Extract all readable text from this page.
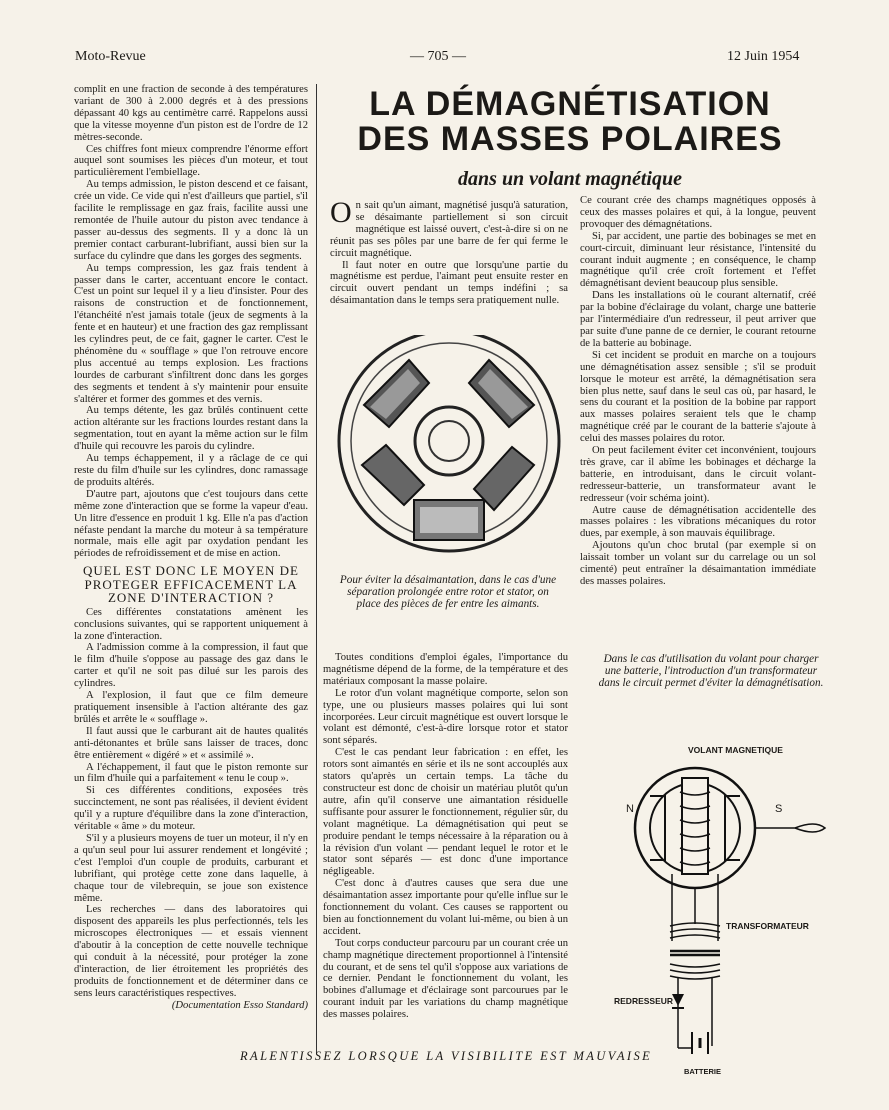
Moto-Revue	— 705 —	12 Juin 1954

complit en une fraction de seconde à des températures variant de 300 à 2.000 degrés et à des pressions dépassant 40 kgs au centimètre carré. Rappelons aussi que la vitesse moyenne d'un piston est de l'ordre de 12 mètres-seconde.

Ces chiffres font mieux comprendre l'énorme effort auquel sont soumises les pièces d'un moteur, et tout particulièrement l'embiellage.

Au temps admission, le piston descend et ce faisant, crée un vide. Ce vide qui n'est d'ailleurs que partiel, s'il facilite le remplissage en gaz frais, facilite aussi une remontée de l'huile autour du piston avec tendance à passer au-dessus des segments. Il y a donc là un premier contact carburant-lubrifiant, aussi bien sur la surface du cylindre que dans les gorges des segments.

Au temps compression, les gaz frais tendent à passer dans le carter, accentuant encore le contact. C'est un point sur lequel il y a lieu d'insister. Pour des raisons de construction et de fonctionnement, l'étanchéité n'est jamais totale (jeux de segments à la fente et en hauteur) et une fraction des gaz remplissant les cylindres peut, de ce fait, gagner le carter. C'est le phénomène du « soufflage » que l'on retrouve encore plus accentué au temps explosion. Les fractions lourdes de carburant s'infiltrent donc dans les gorges des segments et tendent à s'y maintenir pour ensuite s'altérer et former des gommes et des vernis.

Au temps détente, les gaz brûlés continuent cette action altérante sur les fractions lourdes restant dans la segmentation, tout en ayant la même action sur le film d'huile qui recouvre les parois du cylindre.

Au temps échappement, il y a râclage de ce qui reste du film d'huile sur les cylindres, donc ramassage de produits altérés.

D'autre part, ajoutons que c'est toujours dans cette même zone d'interaction que se forme la vapeur d'eau. Un litre d'essence en produit 1 kg. Elle n'a pas d'action néfaste pendant la marche du moteur à sa température normale, mais elle agit par oxydation pendant les périodes de refroidissement et de mise en action.

QUEL EST DONC LE MOYEN DE PROTEGER EFFICACEMENT LA ZONE D'INTERACTION ?

Ces différentes constatations amènent les conclusions suivantes, qui se rapportent uniquement à la zone d'interaction.

A l'admission comme à la compression, il faut que le film d'huile s'oppose au passage des gaz dans le carter et qu'il ne soit pas dilué sur les parois des cylindres.

A l'explosion, il faut que ce film demeure pratiquement insensible à l'action altérante des gaz brûlés et arrête le « soufflage ».

Il faut aussi que le carburant ait de hautes qualités anti-détonantes et brûle sans laisser de traces, donc être entièrement « digéré » et « assimilé ».

A l'échappement, il faut que le piston remonte sur un film d'huile qui a parfaitement « tenu le coup ».

Si ces différentes conditions, exposées très succinctement, ne sont pas réalisées, il devient évident qu'il y a rupture d'équilibre dans la zone d'interaction, véritable « âme » du moteur.

S'il y a plusieurs moyens de tuer un moteur, il n'y en a qu'un seul pour lui assurer rendement et longévité ; c'est l'emploi d'un couple de produits, carburant et lubrifiant, qui protège cette zone dans laquelle, à chaque tour de vilebrequin, se joue son existence même.

Les recherches — dans des laboratoires qui disposent des appareils les plus perfectionnés, tels les microscopes électroniques — et essais viennent d'aboutir à la conception de cette nouvelle technique qui conduit à la nécessité, pour protéger la zone d'interaction, de lier étroitement les propriétés des produits de fonctionnement et de déterminer dans ce sens leurs caractéristiques respectives.

(Documentation Esso Standard)
LA DÉMAGNÉTISATION
DES MASSES POLAIRES
dans un volant magnétique

On sait qu'un aimant, magnétisé jusqu'à saturation, se désaimante partiellement si son circuit magnétique est laissé ouvert, c'est-à-dire si on ne réunit pas ses pôles par une barre de fer qui ferme le circuit magnétique.

Il faut noter en outre que lorsqu'une partie du magnétisme est perdue, l'aimant peut ensuite rester en circuit ouvert pendant un temps indéfini ; sa désaimantation dans le temps sera pratiquement nulle.

Pour éviter la désaimantation, dans le cas d'une séparation prolongée entre rotor et stator, on place des pièces de fer entre les aimants.

Toutes conditions d'emploi égales, l'importance du magnétisme dépend de la forme, de la température et des matériaux composant la masse polaire.

Le rotor d'un volant magnétique comporte, selon son type, une ou plusieurs masses polaires qui lui sont incorporées. Leur circuit magnétique est ouvert lorsque le volant est démonté, c'est-à-dire lorsque rotor et stator sont séparés.

C'est le cas pendant leur fabrication : en effet, les rotors sont aimantés en série et ils ne sont accouplés aux stators qu'après un certain temps. La tâche du constructeur est donc de choisir un matériau plutôt qu'un autre, afin qu'il conserve une aimantation résiduelle suffisante pour assurer le fonctionnement, régulier sûr, du volant magnétique. La démagnétisation qui peut se produire pendant le temps nécessaire à la réparation ou à la révision d'un volant — pendant lequel le rotor et le stator sont séparés — est donc d'une importance négligeable.

C'est donc à d'autres causes que sera due une désaimantation assez importante pour qu'elle influe sur le fonctionnement du volant. Ces causes se rapportent ou bien au fonctionnement du volant lui-même, ou bien à un accident.

Tout corps conducteur parcouru par un courant crée un champ magnétique directement proportionnel à l'intensité du courant, et de sens tel qu'il s'oppose aux variations de ce dernier. Pendant le fonctionnement du volant, les bobines d'allumage et d'éclairage sont parcourues par le courant induit par les variations du champ magnétique des masses polaires.

Ce courant crée des champs magnétiques opposés à ceux des masses polaires et qui, à la longue, peuvent provoquer des démagnétations.

Si, par accident, une partie des bobinages se met en court-circuit, diminuant leur résistance, l'intensité du courant induit augmente ; en conséquence, le champ magnétique qu'il crée croît fortement et l'effet démagnétisant devient beaucoup plus sensible.

Dans les installations où le courant alternatif, créé par la bobine d'éclairage du volant, charge une batterie par l'intermédiaire d'un redresseur, il peut arriver que par suite d'une panne de ce dernier, le courant retourne de la batterie au bobinage.

Si cet incident se produit en marche on a toujours une démagnétisation assez sensible ; s'il se produit lorsque le moteur est arrêté, la démagnétisation sera bien plus nette, sauf dans le seul cas où, par hasard, le sens du courant et la position de la bobine par rapport aux masses polaires seraient tels que le champ magnétique créé par le courant de la batterie s'ajoute à celui des masses polaires du rotor.

On peut facilement éviter cet inconvénient, toujours très grave, car il abîme les bobinages et décharge la batterie, en introduisant, dans le circuit volant-redresseur-batterie, un transformateur avant le redresseur (voir schéma joint).

Autre cause de démagnétisation accidentelle des masses polaires : les vibrations mécaniques du rotor dues, par exemple, à son mauvais équilibrage.

Ajoutons qu'un choc brutal (par exemple si on laissait tomber un volant sur du carrelage ou un sol cimenté) peut entraîner la désaimantation immédiate des masses polaires.

Dans le cas d'utilisation du volant pour charger une batterie, l'introduction d'un transformateur dans le circuit permet d'éviter la démagnétisation.
VOLANT MAGNETIQUE
N	S
TRANSFORMATEUR
REDRESSEUR
BATTERIE
RALENTISSEZ LORSQUE LA VISIBILITE EST MAUVAISE
